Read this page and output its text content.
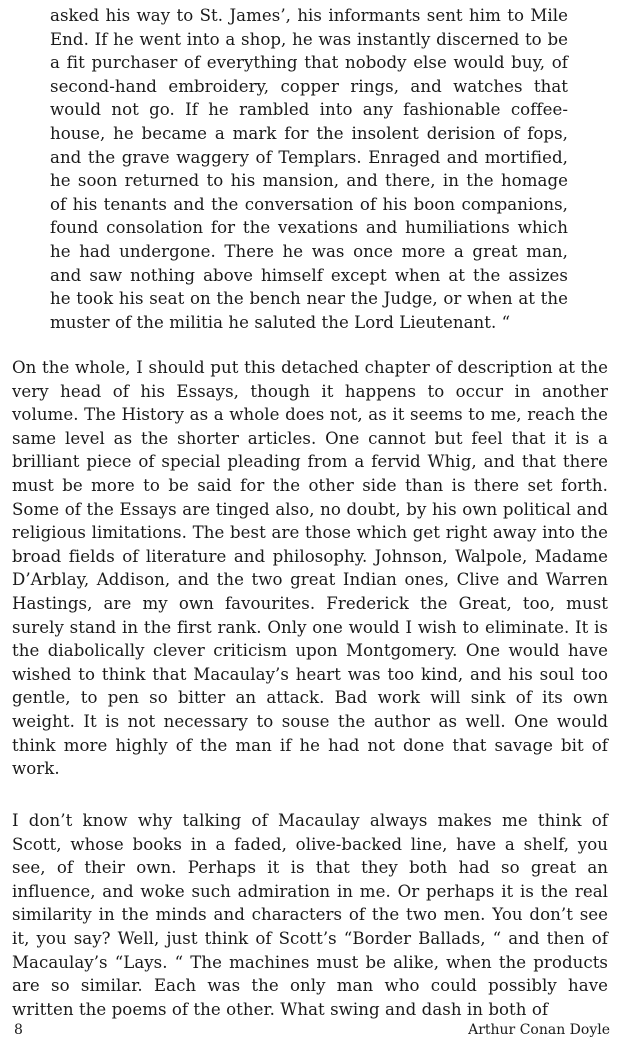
asked his way to St. James’, his informants sent him to Mile End. If he went into a shop, he was instantly discerned to be a fit purchaser of everything that nobody else would buy, of second-hand embroidery, copper rings, and watches that would not go. If he rambled into any fashionable coffee-house, he became a mark for the insolent derision of fops, and the grave waggery of Templars. Enraged and mortified, he soon returned to his mansion, and there, in the homage of his tenants and the conversation of his boon companions, found consolation for the vexations and humiliations which he had undergone. There he was once more a great man, and saw nothing above himself except when at the assizes he took his seat on the bench near the Judge, or when at the muster of the militia he saluted the Lord Lieutenant. “

On the whole, I should put this detached chapter of description at the very head of his Essays, though it happens to occur in another volume. The History as a whole does not, as it seems to me, reach the same level as the shorter articles. One cannot but feel that it is a brilliant piece of special pleading from a fervid Whig, and that there must be more to be said for the other side than is there set forth. Some of the Essays are tinged also, no doubt, by his own political and religious limitations. The best are those which get right away into the broad fields of literature and philosophy. Johnson, Walpole, Madame D’Arblay, Addison, and the two great Indian ones, Clive and Warren Hastings, are my own favourites. Frederick the Great, too, must surely stand in the first rank. Only one would I wish to eliminate. It is the diabolically clever criticism upon Montgomery. One would have wished to think that Macaulay’s heart was too kind, and his soul too gentle, to pen so bitter an attack. Bad work will sink of its own weight. It is not necessary to souse the author as well. One would think more highly of the man if he had not done that savage bit of work.

I don’t know why talking of Macaulay always makes me think of Scott, whose books in a faded, olive-backed line, have a shelf, you see, of their own. Perhaps it is that they both had so great an influence, and woke such admiration in me. Or perhaps it is the real similarity in the minds and characters of the two men. You don’t see it, you say? Well, just think of Scott’s “Border Ballads, “ and then of Macaulay’s “Lays. “ The machines must be alike, when the products are so similar. Each was the only man who could possibly have written the poems of the other. What swing and dash in both of

8	Arthur Conan Doyle
